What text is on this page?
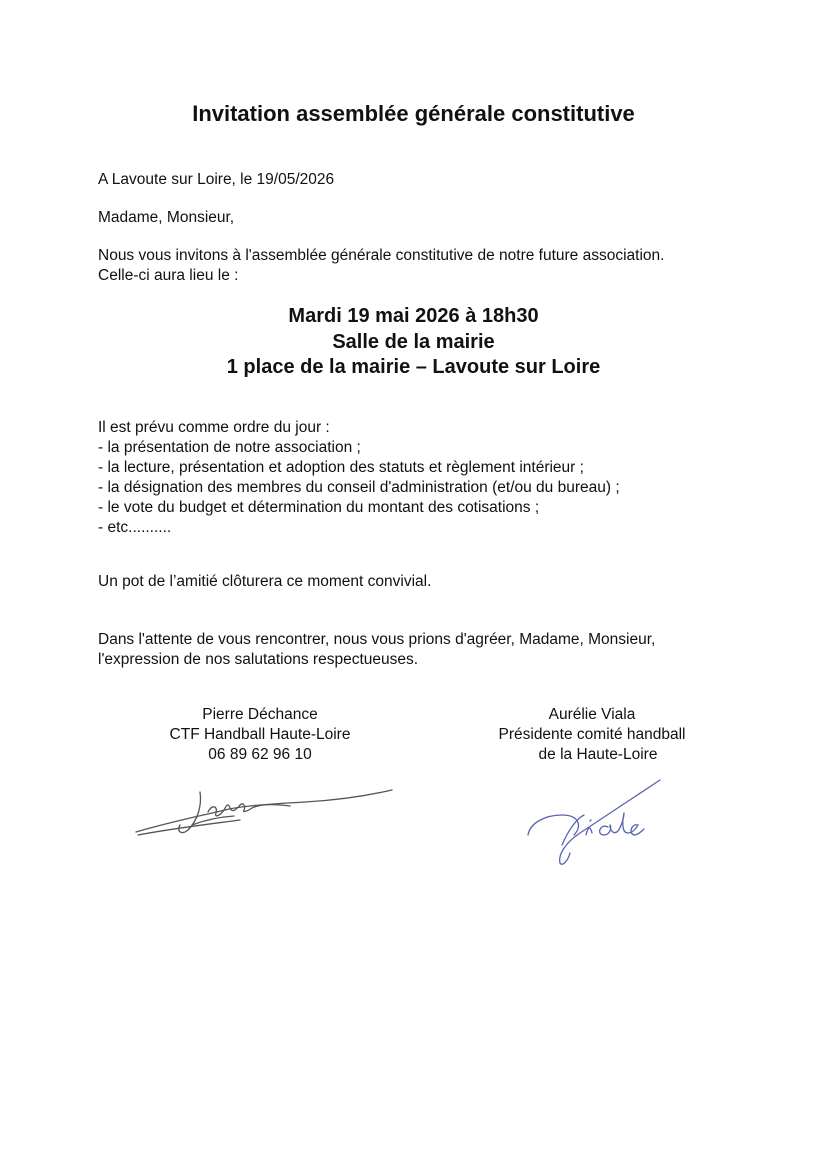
Invitation assemblée générale constitutive
A Lavoute sur Loire, le 19/05/2026
Madame, Monsieur,
Nous vous invitons à l'assemblée générale constitutive de notre future association.
Celle-ci aura lieu le :
Mardi 19 mai 2026 à 18h30
Salle de la mairie
1 place de la mairie – Lavoute sur Loire
Il est prévu comme ordre du jour :
- la présentation de notre association ;
- la lecture, présentation et adoption des statuts et règlement intérieur ;
- la désignation des membres du conseil d'administration (et/ou du bureau) ;
- le vote du budget et détermination du montant des cotisations ;
- etc..........
Un pot de l’amitié clôturera ce moment convivial.
Dans l'attente de vous rencontrer, nous vous prions d'agréer, Madame, Monsieur,
l'expression de nos salutations respectueuses.
Pierre Déchance
CTF Handball Haute-Loire
06 89 62 96 10
Aurélie Viala
Présidente comité handball
de la Haute-Loire
